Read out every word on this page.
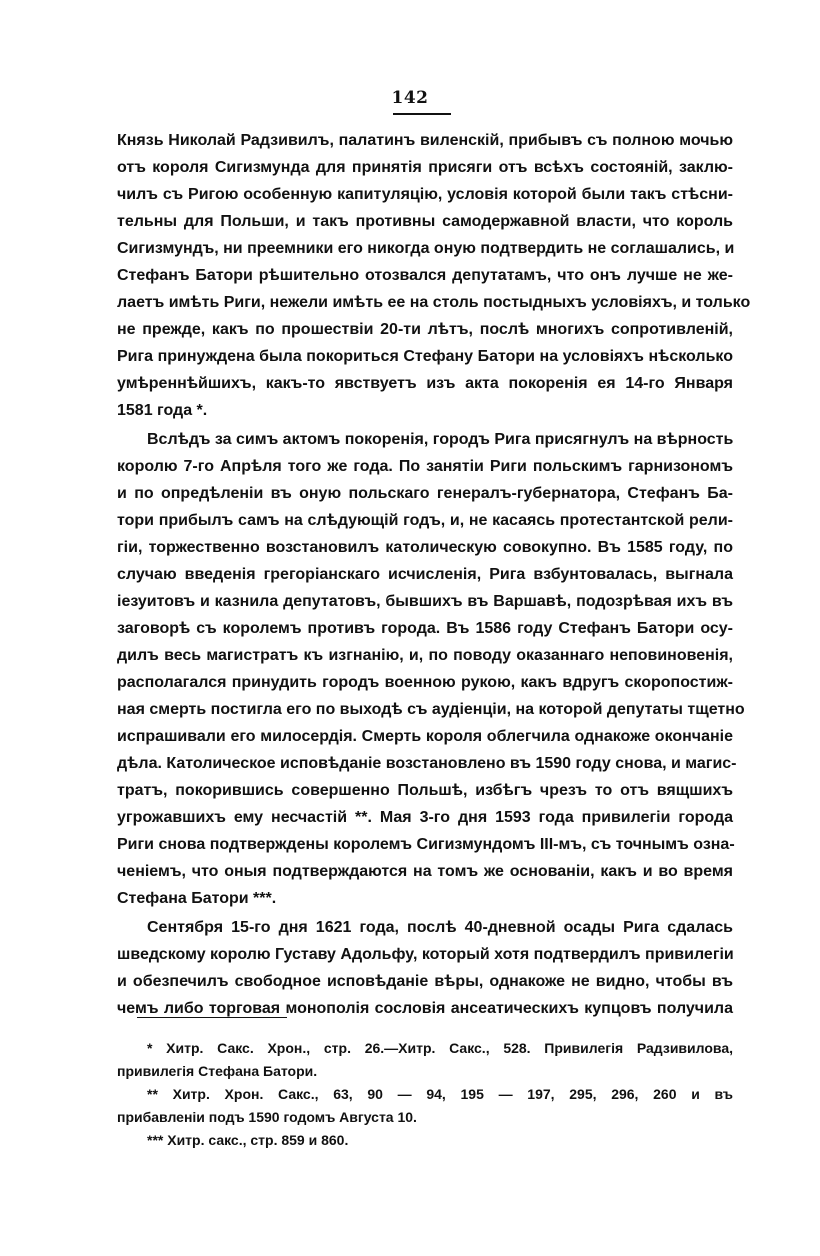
142
Князь Николай Радзивилъ, палатинъ виленскій, прибывъ съ полною мочью
отъ короля Сигизмунда для принятія присяги отъ всѣхъ состояній, заклю-
чилъ съ Ригою особенную капитуляцію, условія которой были такъ стѣсни-
тельны для Польши, и такъ противны самодержавной власти, что король
Сигизмундъ, ни преемники его никогда оную подтвердить не соглашались, и
Стефанъ Батори рѣшительно отозвался депутатамъ, что онъ лучше не же-
лаетъ имѣть Риги, нежели имѣть ее на столь постыдныхъ условіяхъ, и только
не прежде, какъ по прошествіи 20-ти лѣтъ, послѣ многихъ сопротивленій,
Рига принуждена была покориться Стефану Батори на условіяхъ нѣсколько
умѣреннѣйшихъ, какъ-то явствуетъ изъ акта покоренія ея 14-го Января
1581 года *.
Вслѣдъ за симъ актомъ покоренія, городъ Рига присягнулъ на вѣрность
королю 7-го Апрѣля того же года. По занятіи Риги польскимъ гарнизономъ
и по опредѣленіи въ оную польскаго генералъ-губернатора, Стефанъ Ба-
тори прибылъ самъ на слѣдующій годъ, и, не касаясь протестантской рели-
гіи, торжественно возстановилъ католическую совокупно. Въ 1585 году, по
случаю введенія грегоріанскаго исчисленія, Рига взбунтовалась, выгнала
іезуитовъ и казнила депутатовъ, бывшихъ въ Варшавѣ, подозрѣвая ихъ въ
заговорѣ съ королемъ противъ города. Въ 1586 году Стефанъ Батори осу-
дилъ весь магистратъ къ изгнанію, и, по поводу оказаннаго неповиновенія,
располагался принудить городъ военною рукою, какъ вдругъ скоропостиж-
ная смерть постигла его по выходѣ съ аудіенціи, на которой депутаты тщетно
испрашивали его милосердія. Смерть короля облегчила однакоже окончаніе
дѣла. Католическое исповѣданіе возстановлено въ 1590 году снова, и магис-
тратъ, покорившись совершенно Польшѣ, избѣгъ чрезъ то отъ вящшихъ
угрожавшихъ ему несчастій **. Мая 3-го дня 1593 года привилегіи города
Риги снова подтверждены королемъ Сигизмундомъ III-мъ, съ точнымъ озна-
ченіемъ, что оныя подтверждаются на томъ же основаніи, какъ и во время
Стефана Батори ***.
Сентября 15-го дня 1621 года, послѣ 40-дневной осады Рига сдалась
шведскому королю Густаву Адольфу, который хотя подтвердилъ привилегіи
и обезпечилъ свободное исповѣданіе вѣры, однакоже не видно, чтобы въ
чемъ либо торговая монополія сословія ансеатическихъ купцовъ получила
* Хитр. Сакс. Хрон., стр. 26.—Хитр. Сакс., 528. Привилегія Радзивилова,
привилегія Стефана Батори.
** Хитр. Хрон. Сакс., 63, 90 — 94, 195 — 197, 295, 296, 260 и въ
прибавленіи подъ 1590 годомъ Августа 10.
*** Хитр. сакс., стр. 859 и 860.
